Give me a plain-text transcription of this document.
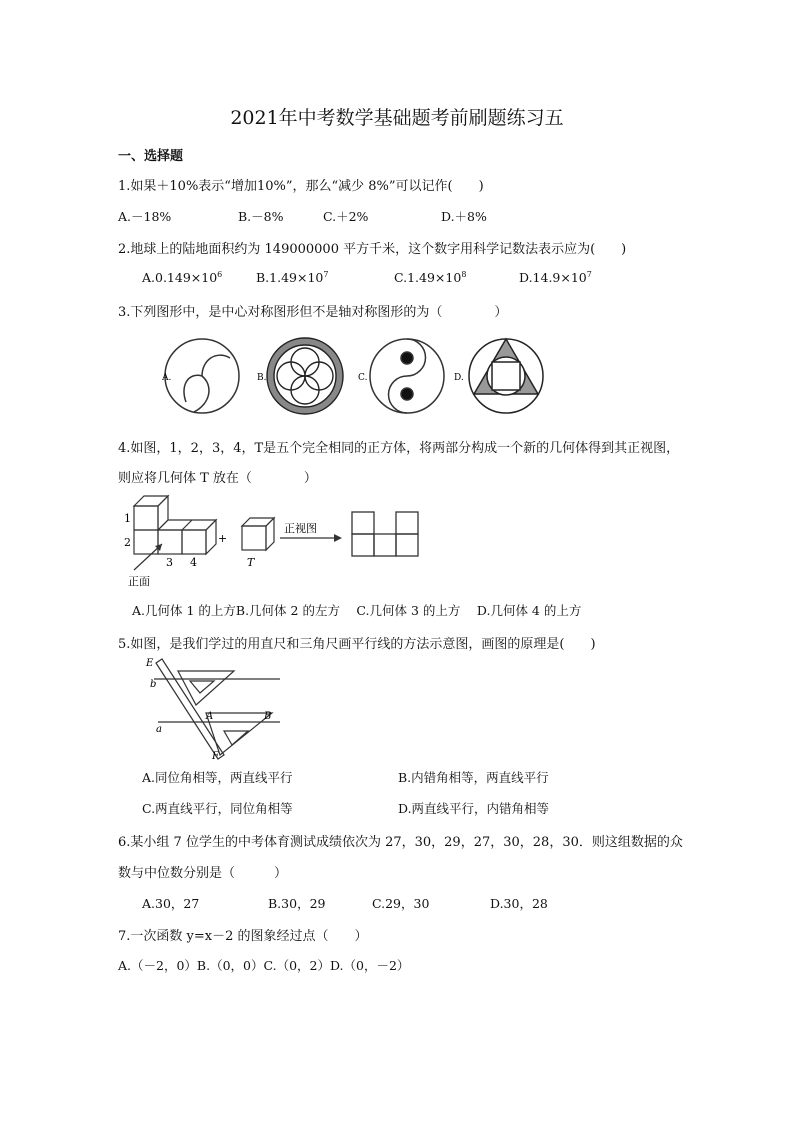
2021年中考数学基础题考前刷题练习五
一、选择题
1.如果＋10%表示“增加10%”，那么“减少 8%”可以记作(　　)
A.－18%	B.－8%	C.＋2%	D.＋8%
2.地球上的陆地面积约为 149000000 平方千米，这个数字用科学记数法表示应为(　　)
$A.0.149\times 10^6$	$B.1.49\times 10^7$	$C.1.49\times 10^8$	$D.14.9\times 10^7$
3.下列图形中，是中心对称图形但不是轴对称图形的为（　　　　）
A.	B.	C.	D.
4.如图，1，2，3，4，T是五个完全相同的正方体，将两部分构成一个新的几何体得到其正视图，
则应将几何体 T 放在（　　　　）
1
2
3 4
正面
+
T
正视图
A.几何体 1 的上方B.几何体 2 的左方　 C.几何体 3 的上方　 D.几何体 4 的上方
5.如图，是我们学过的用直尺和三角尺画平行线的方法示意图，画图的原理是(　　)
E
b
A	B
a
F
A.同位角相等，两直线平行	B.内错角相等，两直线平行
C.两直线平行，同位角相等	D.两直线平行，内错角相等
6.某小组 7 位学生的中考体育测试成绩依次为 27，30，29，27，30，28，30．则这组数据的众
数与中位数分别是（　　　）
A.30，27	B.30，29	C.29，30	D.30，28
7.一次函数 y=x－2 的图象经过点（　　）
A.（－2，0）B.（0，0）C.（0，2）D.（0，－2）
